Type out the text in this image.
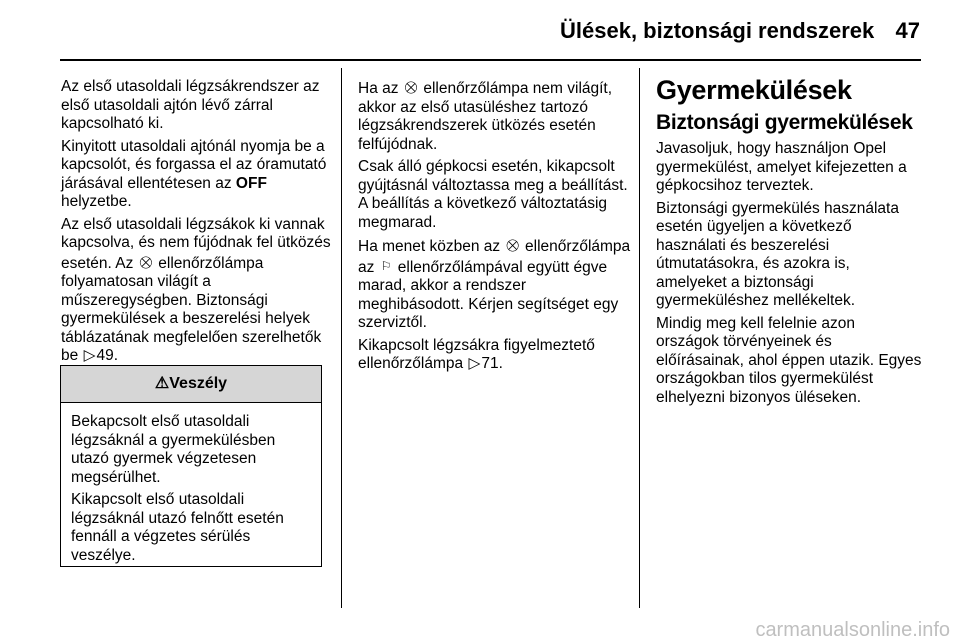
Ülések, biztonsági rendszerek 47

Az első utasoldali légzsákrendszer az első utasoldali ajtón lévő zárral kapcsolható ki.

Kinyitott utasoldali ajtónál nyomja be a kapcsolót, és forgassa el az óramutató járásával ellentétesen az OFF helyzetbe.

Az első utasoldali légzsákok ki vannak kapcsolva, és nem fújódnak fel ütközés esetén. Az ⛒ ellenőrzőlámpa folyamatosan világít a műszeregységben. Biztonsági gyermekülések a beszerelési helyek táblázatának megfelelően szerelhetők be ▷49.

⚠Veszély

Bekapcsolt első utasoldali légzsáknál a gyermekülésben utazó gyermek végzetesen megsérülhet.

Kikapcsolt első utasoldali légzsáknál utazó felnőtt esetén fennáll a végzetes sérülés veszélye.

Ha az ⛒ ellenőrzőlámpa nem világít, akkor az első utasüléshez tartozó légzsákrendszerek ütközés esetén felfújódnak.

Csak álló gépkocsi esetén, kikapcsolt gyújtásnál változtassa meg a beállítást. A beállítás a következő változtatásig megmarad.

Ha menet közben az ⛒ ellenőrzőlámpa az ⚐ ellenőrzőlámpával együtt égve marad, akkor a rendszer meghibásodott. Kérjen segítséget egy szerviztől.

Kikapcsolt légzsákra figyelmeztető ellenőrzőlámpa ▷71.

Gyermekülések
Biztonsági gyermekülések

Javasoljuk, hogy használjon Opel gyermekülést, amelyet kifejezetten a gépkocsihoz terveztek.

Biztonsági gyermekülés használata esetén ügyeljen a következő használati és beszerelési útmutatásokra, és azokra is, amelyeket a biztonsági gyermeküléshez mellékeltek.

Mindig meg kell felelnie azon országok törvényeinek és előírásainak, ahol éppen utazik. Egyes országokban tilos gyermekülést elhelyezni bizonyos üléseken.

carmanualsonline.info
